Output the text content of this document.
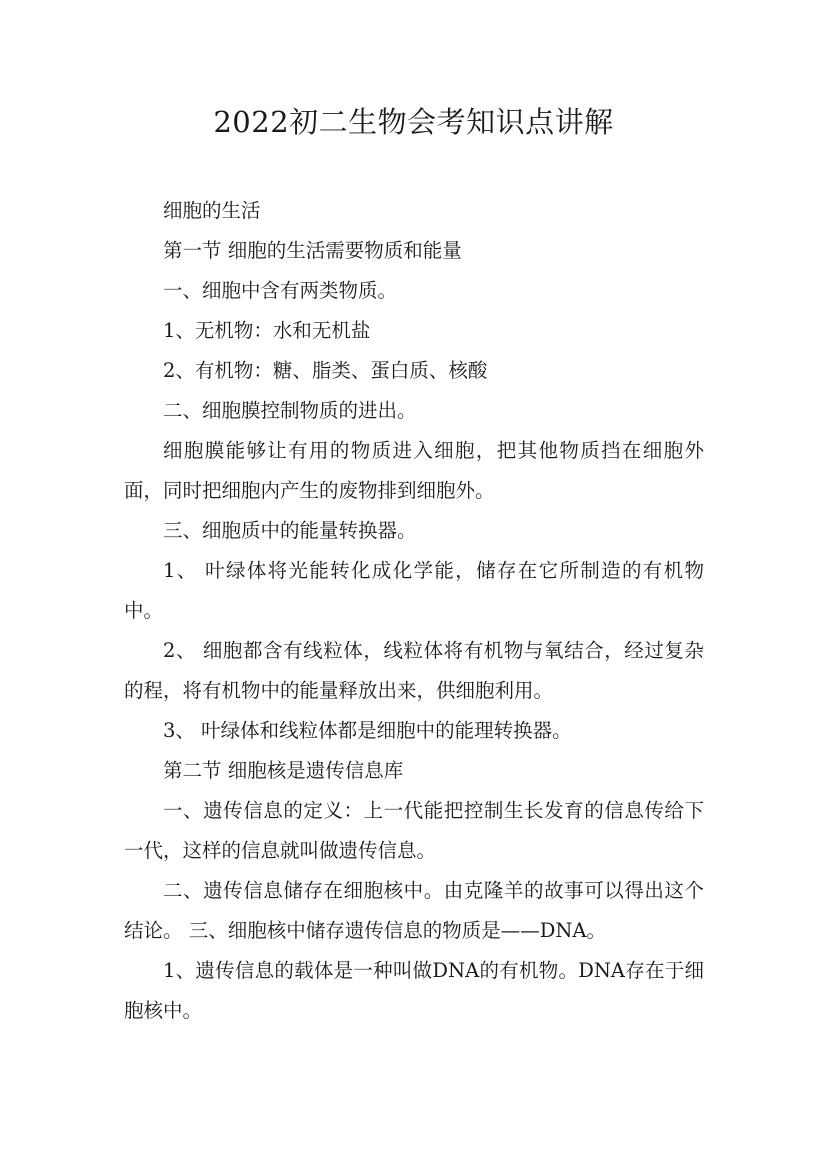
2022初二生物会考知识点讲解

细胞的生活

第一节 细胞的生活需要物质和能量

一、细胞中含有两类物质。

1、无机物：水和无机盐

2、有机物：糖、脂类、蛋白质、核酸

二、细胞膜控制物质的进出。

细胞膜能够让有用的物质进入细胞，把其他物质挡在细胞外面，同时把细胞内产生的废物排到细胞外。

三、细胞质中的能量转换器。

1、 叶绿体将光能转化成化学能，储存在它所制造的有机物中。

2、 细胞都含有线粒体，线粒体将有机物与氧结合，经过复杂的程，将有机物中的能量释放出来，供细胞利用。

3、 叶绿体和线粒体都是细胞中的能理转换器。

第二节 细胞核是遗传信息库

一、遗传信息的定义：上一代能把控制生长发育的信息传给下一代，这样的信息就叫做遗传信息。

二、遗传信息储存在细胞核中。由克隆羊的故事可以得出这个结论。 三、细胞核中储存遗传信息的物质是——DNA。

1、遗传信息的载体是一种叫做DNA的有机物。DNA存在于细胞核中。
